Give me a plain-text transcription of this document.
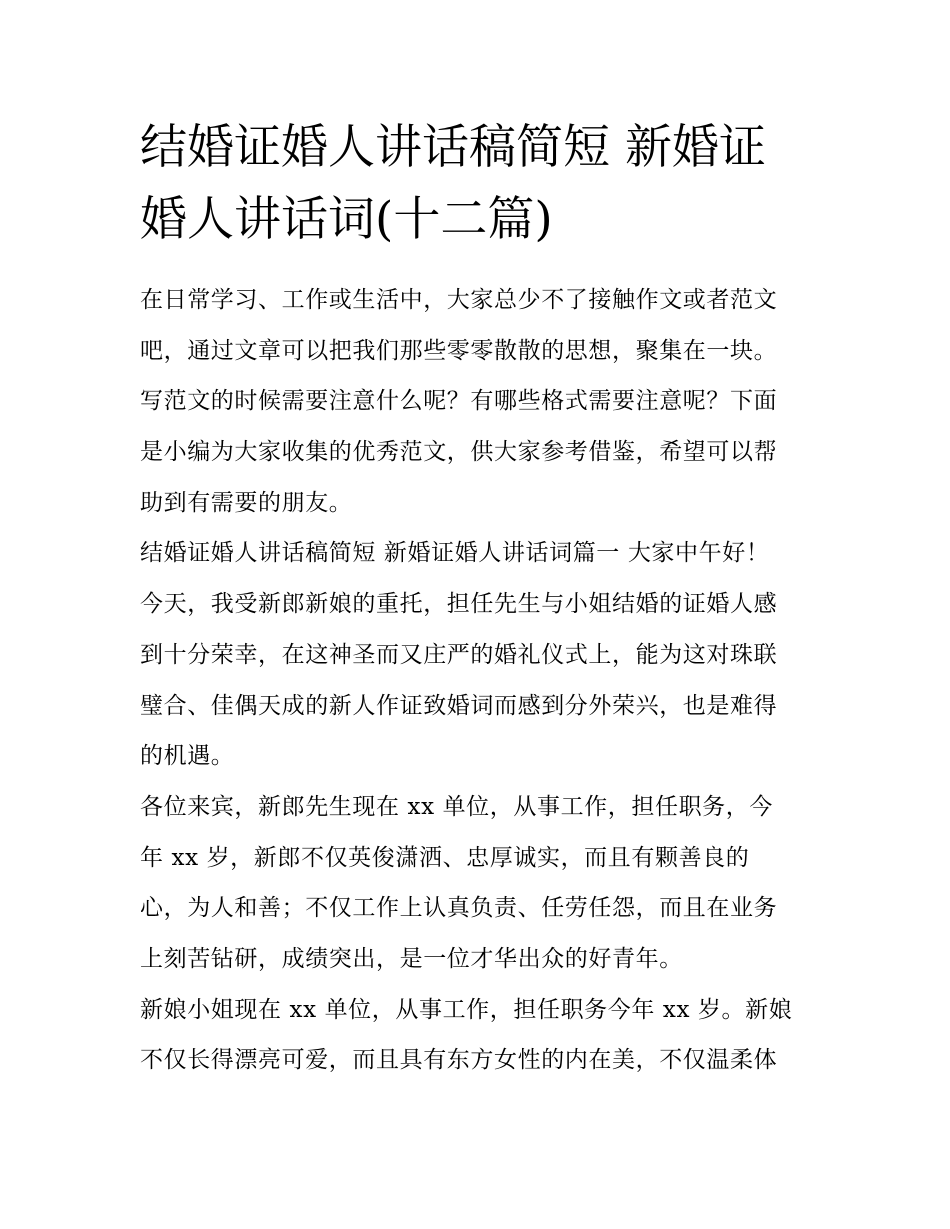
结婚证婚人讲话稿简短 新婚证
婚人讲话词(十二篇)
在日常学习、工作或生活中，大家总少不了接触作文或者范文
吧，通过文章可以把我们那些零零散散的思想，聚集在一块。
写范文的时候需要注意什么呢？有哪些格式需要注意呢？下面
是小编为大家收集的优秀范文，供大家参考借鉴，希望可以帮
助到有需要的朋友。
结婚证婚人讲话稿简短 新婚证婚人讲话词篇一 大家中午好！
今天，我受新郎新娘的重托，担任先生与小姐结婚的证婚人感
到十分荣幸，在这神圣而又庄严的婚礼仪式上，能为这对珠联
璧合、佳偶天成的新人作证致婚词而感到分外荣兴，也是难得
的机遇。
各位来宾，新郎先生现在 xx 单位，从事工作，担任职务，今
年 xx 岁，新郎不仅英俊潇洒、忠厚诚实，而且有颗善良的
心，为人和善；不仅工作上认真负责、任劳任怨，而且在业务
上刻苦钻研，成绩突出，是一位才华出众的好青年。
新娘小姐现在 xx 单位，从事工作，担任职务今年 xx 岁。新娘
不仅长得漂亮可爱，而且具有东方女性的内在美，不仅温柔体
